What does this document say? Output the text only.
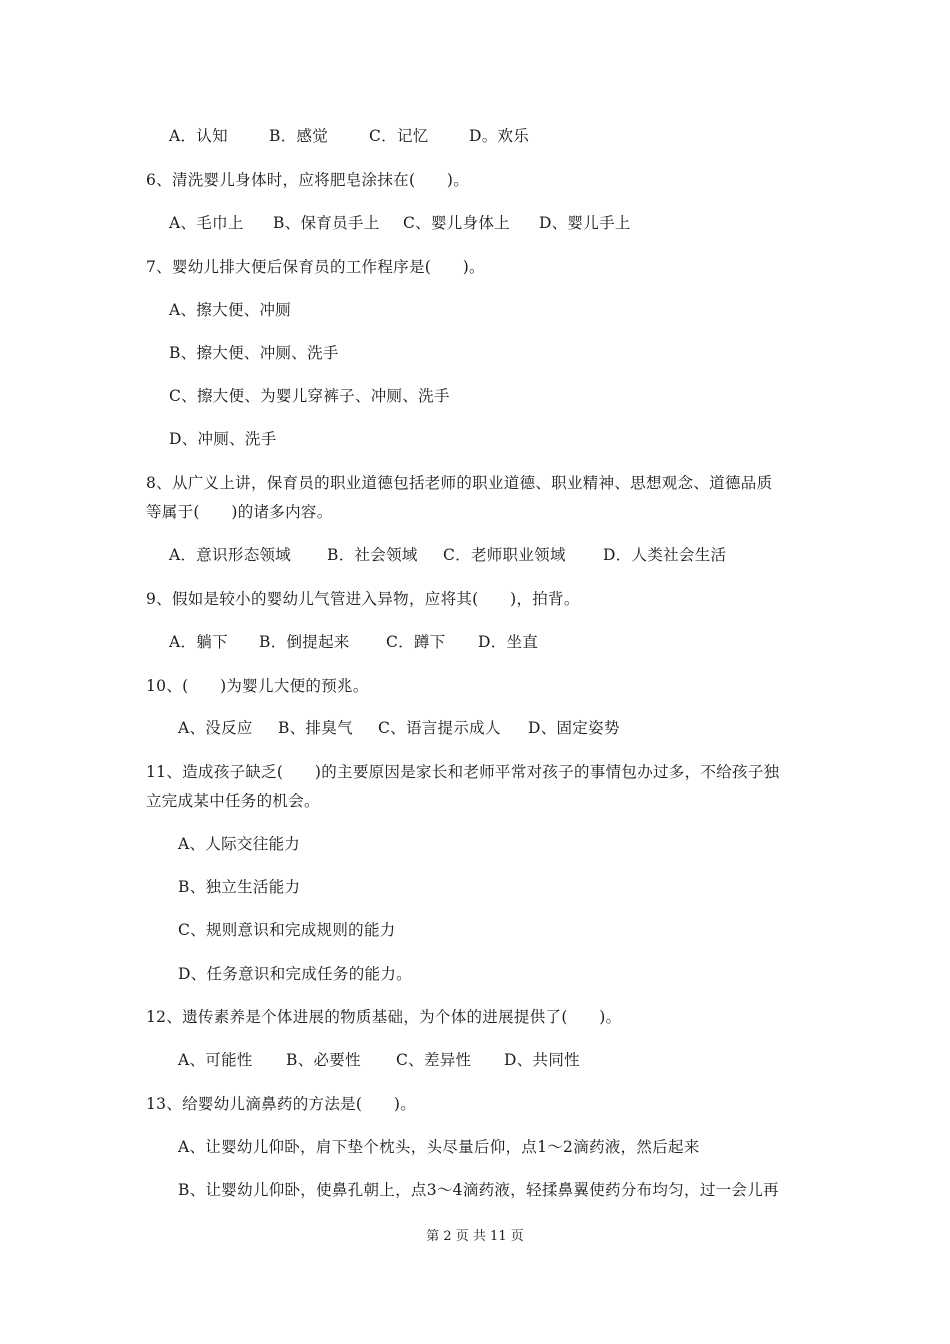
A．认知	B．感觉	C．记忆	D。欢乐
6、清洗婴儿身体时，应将肥皂涂抹在(　　)。
A、毛巾上 B、保育员手上 C、婴儿身体上 D、婴儿手上
7、婴幼儿排大便后保育员的工作程序是(　　)。
A、擦大便、冲厕
B、擦大便、冲厕、洗手
C、擦大便、为婴儿穿裤子、冲厕、洗手
D、冲厕、洗手
8、从广义上讲，保育员的职业道德包括老师的职业道德、职业精神、思想观念、道德品质
等属于(　　)的诸多内容。
A．意识形态领域 B．社会领域 C．老师职业领域 D．人类社会生活
9、假如是较小的婴幼儿气管进入异物，应将其(　　)，拍背。
A．躺下 B．倒提起来 C．蹲下 D．坐直
10、(　　)为婴儿大便的预兆。
A、没反应 B、排臭气 C、语言提示成人 D、固定姿势
11、造成孩子缺乏(　　)的主要原因是家长和老师平常对孩子的事情包办过多，不给孩子独
立完成某中任务的机会。
A、人际交往能力
B、独立生活能力
C、规则意识和完成规则的能力
D、任务意识和完成任务的能力。
12、遗传素养是个体进展的物质基础，为个体的进展提供了(　　)。
A、可能性 B、必要性 C、差异性 D、共同性
13、给婴幼儿滴鼻药的方法是(　　)。
A、让婴幼儿仰卧，肩下垫个枕头，头尽量后仰，点1～2滴药液，然后起来
B、让婴幼儿仰卧，使鼻孔朝上，点3～4滴药液，轻揉鼻翼使药分布均匀，过一会儿再
第 2 页 共 11 页
